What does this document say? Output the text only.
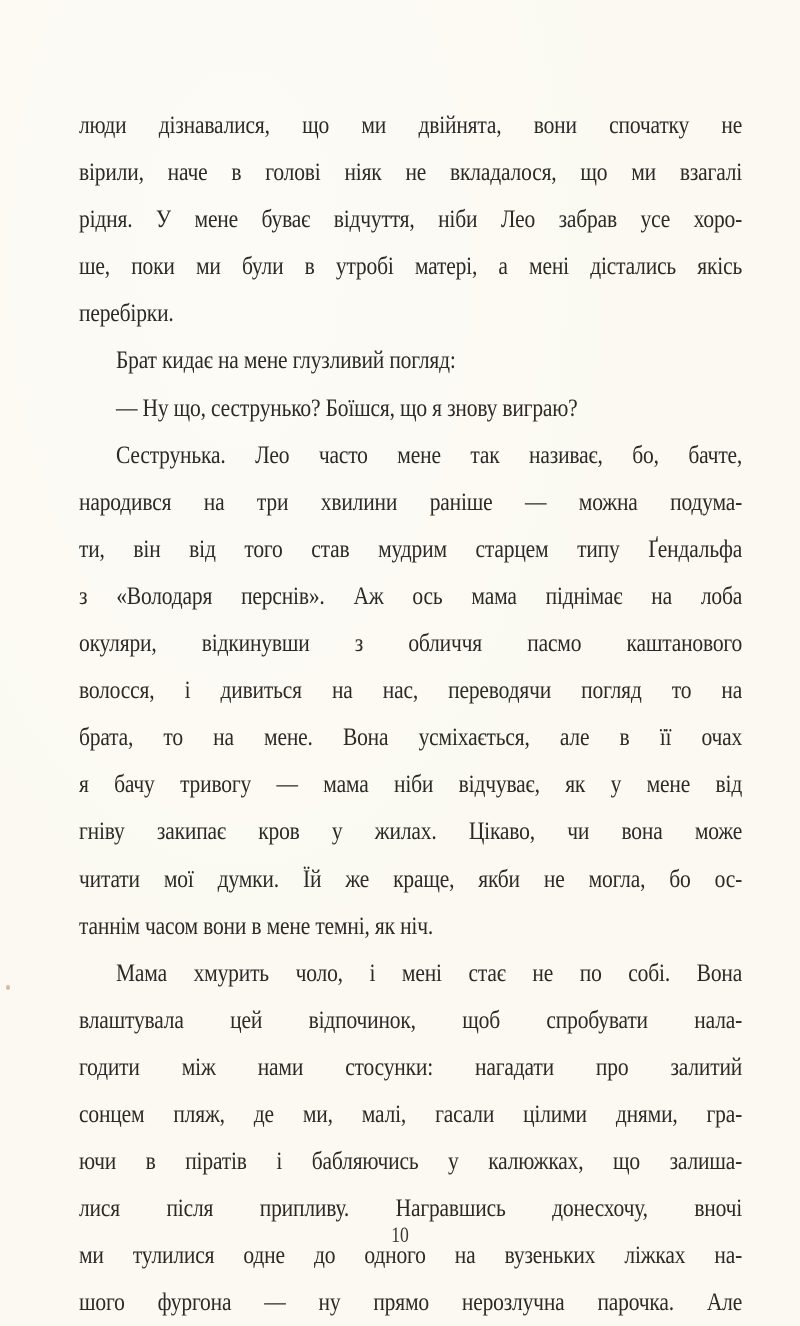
люди дізнавалися, що ми двійнята, вони спочатку не
вірили, наче в голові ніяк не вкладалося, що ми взагалі
рідня. У мене буває відчуття, ніби Лео забрав усе хоро-
ше, поки ми були в утробі матері, а мені дістались якісь
перебірки.
Брат кидає на мене глузливий погляд:
— Ну що, сеструнько? Боїшся, що я знову виграю?
Сеструнька. Лео часто мене так називає, бо, бачте,
народився на три хвилини раніше — можна подума-
ти, він від того став мудрим старцем типу Ґендальфа
з «Володаря перснів». Аж ось мама піднімає на лоба
окуляри, відкинувши з обличчя пасмо каштанового
волосся, і дивиться на нас, переводячи погляд то на
брата, то на мене. Вона усміхається, але в її очах
я бачу тривогу — мама ніби відчуває, як у мене від
гніву закипає кров у жилах. Цікаво, чи вона може
читати мої думки. Їй же краще, якби не могла, бо ос-
таннім часом вони в мене темні, як ніч.
Мама хмурить чоло, і мені стає не по собі. Вона
влаштувала цей відпочинок, щоб спробувати нала-
годити між нами стосунки: нагадати про залитий
сонцем пляж, де ми, малі, гасали цілими днями, гра-
ючи в піратів і бабляючись у калюжках, що залиша-
лися після припливу. Награвшись донесхочу, вночі
ми тулилися одне до одного на вузеньких ліжках на-
шого фургона — ну прямо нерозлучна парочка. Але
10
